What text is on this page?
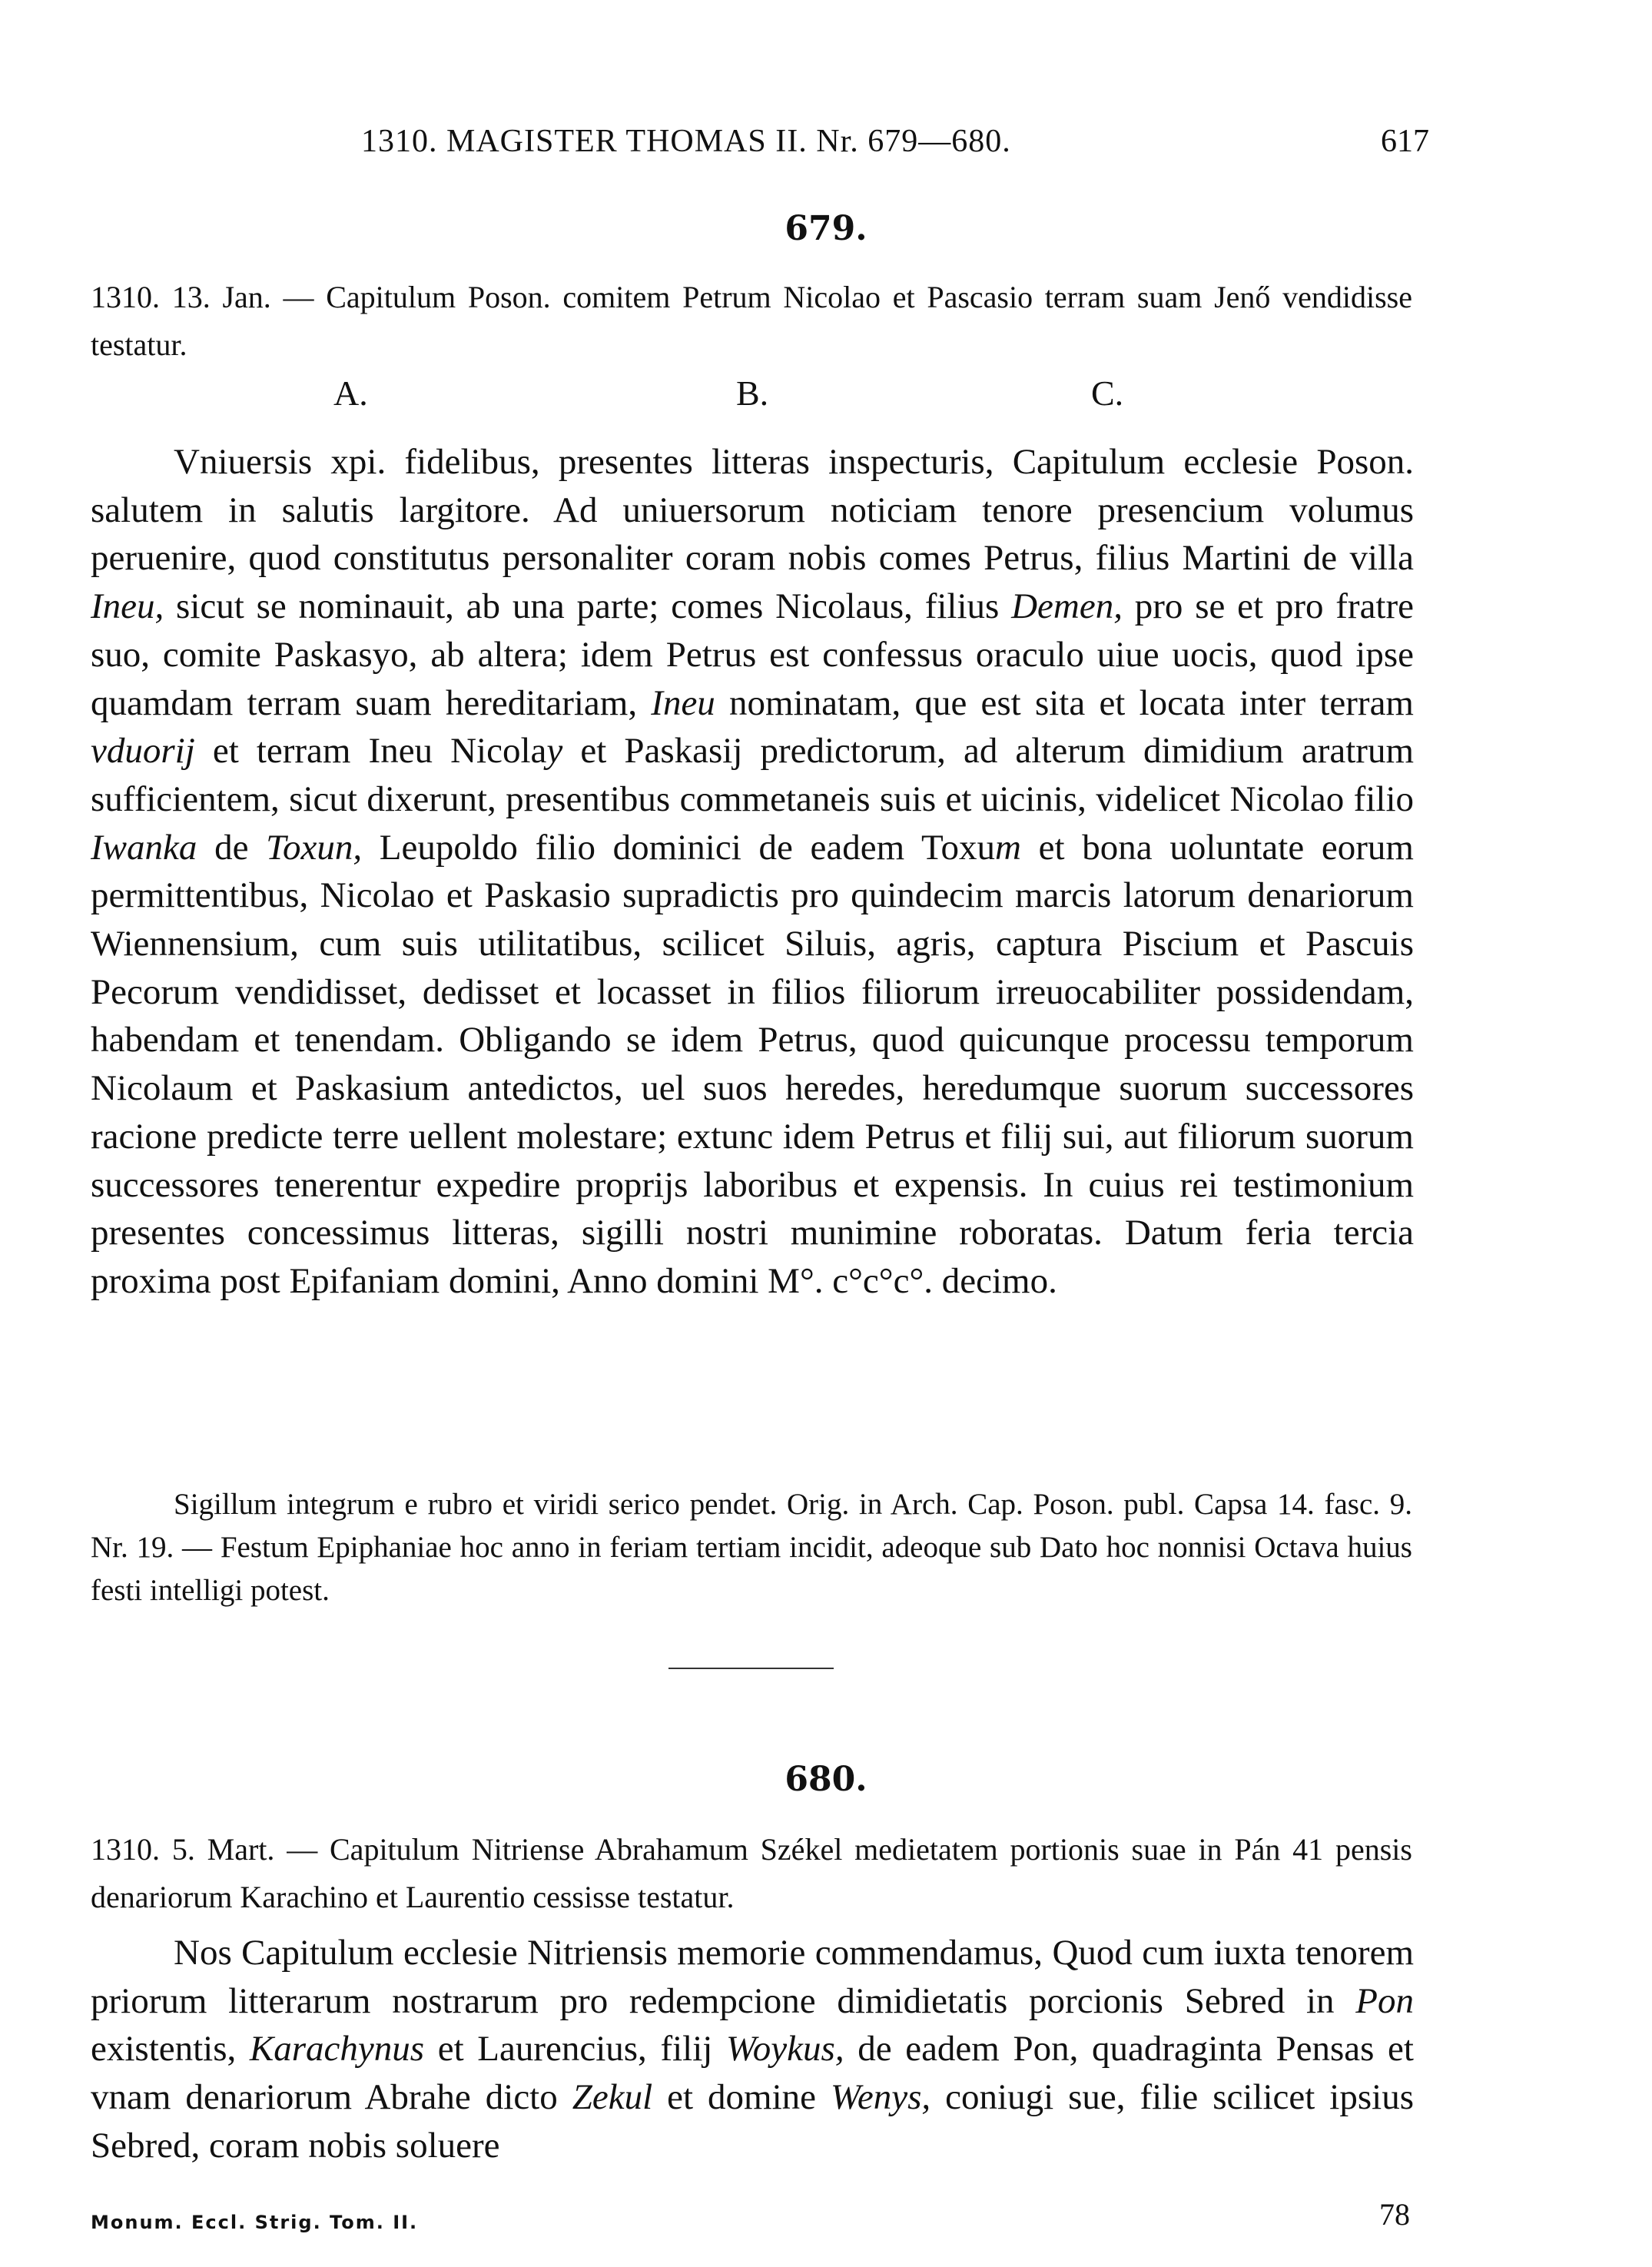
1310. MAGISTER THOMAS II. Nr. 679—680.	617
679.
1310. 13. Jan. — Capitulum Poson. comitem Petrum Nicolao et Pascasio terram suam Jenő vendidisse testatur.
A.	B.	C.

Vniuersis xpi. fidelibus, presentes litteras inspecturis, Capitulum ecclesie Poson. salutem in salutis largitore. Ad uniuersorum noticiam tenore presencium volumus peruenire, quod constitutus personaliter coram nobis comes Petrus, filius Martini de villa Ineu, sicut se nominauit, ab una parte; comes Nicolaus, filius Demen, pro se et pro fratre suo, comite Paskasyo, ab altera; idem Petrus est confessus oraculo uiue uocis, quod ipse quamdam terram suam hereditariam, Ineu nominatam, que est sita et locata inter terram vduorij et terram Ineu Nicolay et Paskasij predictorum, ad alterum dimidium aratrum sufficientem, sicut dixerunt, presentibus commetaneis suis et uicinis, videlicet Nicolao filio Iwanka de Toxun, Leupoldo filio dominici de eadem Toxum et bona uoluntate eorum permittentibus, Nicolao et Paskasio supradictis pro quindecim marcis latorum denariorum Wiennensium, cum suis utilitatibus, scilicet Siluis, agris, captura Piscium et Pascuis Pecorum vendidisset, dedisset et locasset in filios filiorum irreuocabiliter possidendam, habendam et tenendam. Obligando se idem Petrus, quod quicunque processu temporum Nicolaum et Paskasium antedictos, uel suos heredes, heredumque suorum successores racione predicte terre uellent molestare; extunc idem Petrus et filij sui, aut filiorum suorum successores tenerentur expedire proprijs laboribus et expensis. In cuius rei testimonium presentes concessimus litteras, sigilli nostri munimine roboratas. Datum feria tercia proxima post Epifaniam domini, Anno domini M°. c°c°c°. decimo.

Sigillum integrum e rubro et viridi serico pendet. Orig. in Arch. Cap. Poson. publ. Capsa 14. fasc. 9. Nr. 19. — Festum Epiphaniae hoc anno in feriam tertiam incidit, adeoque sub Dato hoc nonnisi Octava huius festi intelligi potest.

680.
1310. 5. Mart. — Capitulum Nitriense Abrahamum Székel medietatem portionis suae in Pán 41 pensis denariorum Karachino et Laurentio cessisse testatur.

Nos Capitulum ecclesie Nitriensis memorie commendamus, Quod cum iuxta tenorem priorum litterarum nostrarum pro redempcione dimidietatis porcionis Sebred in Pon existentis, Karachynus et Laurencius, filij Woykus, de eadem Pon, quadraginta Pensas et vnam denariorum Abrahe dicto Zekul et domine Wenys, coniugi sue, filie scilicet ipsius Sebred, coram nobis soluere

Monum. Eccl. Strig. Tom. II.	78
